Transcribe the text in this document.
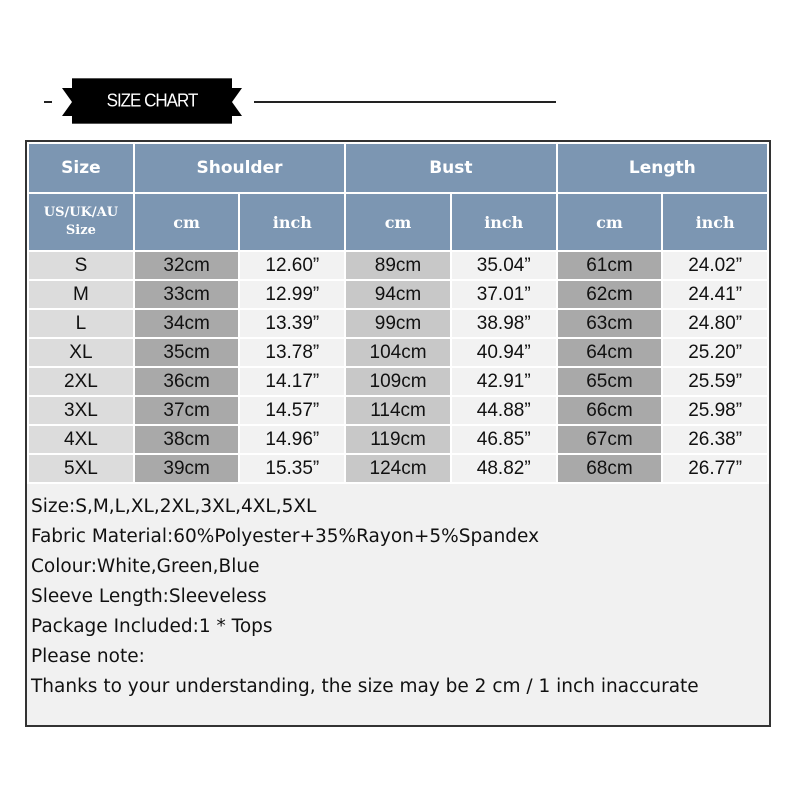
SIZE CHART
Size	Shoulder		Bust		Length	

US/UK/AU
Size	cm	inch	cm	inch	cm	inch
S	32cm	12.60”	89cm	35.04”	61cm	24.02”
M	33cm	12.99”	94cm	37.01”	62cm	24.41”
L	34cm	13.39”	99cm	38.98”	63cm	24.80”
XL	35cm	13.78”	104cm	40.94”	64cm	25.20”
2XL	36cm	14.17”	109cm	42.91”	65cm	25.59”
3XL	37cm	14.57”	114cm	44.88”	66cm	25.98”
4XL	38cm	14.96”	119cm	46.85”	67cm	26.38”
5XL	39cm	15.35”	124cm	48.82”	68cm	26.77”
Size:S,M,L,XL,2XL,3XL,4XL,5XL
Fabric Material:60%Polyester+35%Rayon+5%Spandex
Colour:White,Green,Blue
Sleeve Length:Sleeveless
Package Included:1 * Tops
Please note:
Thanks to your understanding, the size may be 2 cm / 1 inch inaccurate
